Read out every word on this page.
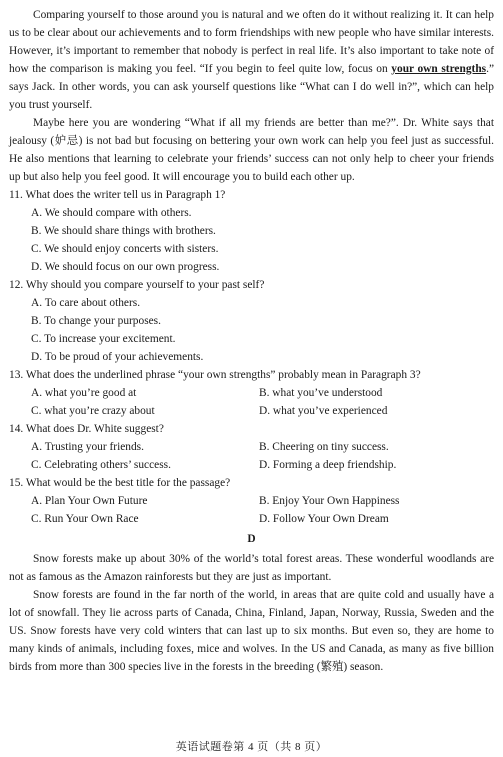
Comparing yourself to those around you is natural and we often do it without realizing it. It can help us to be clear about our achievements and to form friendships with new people who have similar interests. However, it’s important to remember that nobody is perfect in real life. It’s also important to take note of how the comparison is making you feel. “If you begin to feel quite low, focus on your own strengths.” says Jack. In other words, you can ask yourself questions like “What can I do well in?”, which can help you trust yourself.

Maybe here you are wondering “What if all my friends are better than me?”. Dr. White says that jealousy (妒忌) is not bad but focusing on bettering your own work can help you feel just as successful. He also mentions that learning to celebrate your friends’ success can not only help to cheer your friends up but also help you feel good. It will encourage you to build each other up.

11. What does the writer tell us in Paragraph 1?

A. We should compare with others.

B. We should share things with brothers.

C. We should enjoy concerts with sisters.

D. We should focus on our own progress.

12. Why should you compare yourself to your past self?

A. To care about others.

B. To change your purposes.

C. To increase your excitement.

D. To be proud of your achievements.

13. What does the underlined phrase “your own strengths” probably mean in Paragraph 3?

A. what you’re good at	B. what you’ve understood
C. what you’re crazy about	D. what you’ve experienced

14. What does Dr. White suggest?

A. Trusting your friends.	B. Cheering on tiny success.
C. Celebrating others’ success.	D. Forming a deep friendship.

15. What would be the best title for the passage?

A. Plan Your Own Future	B. Enjoy Your Own Happiness
C. Run Your Own Race	D. Follow Your Own Dream

D

Snow forests make up about 30% of the world’s total forest areas. These wonderful woodlands are not as famous as the Amazon rainforests but they are just as important.

Snow forests are found in the far north of the world, in areas that are quite cold and usually have a lot of snowfall. They lie across parts of Canada, China, Finland, Japan, Norway, Russia, Sweden and the US. Snow forests have very cold winters that can last up to six months. But even so, they are home to many kinds of animals, including foxes, mice and wolves. In the US and Canada, as many as five billion birds from more than 300 species live in the forests in the breeding (繁殖) season.

英语试题卷第 4 页（共 8 页）
